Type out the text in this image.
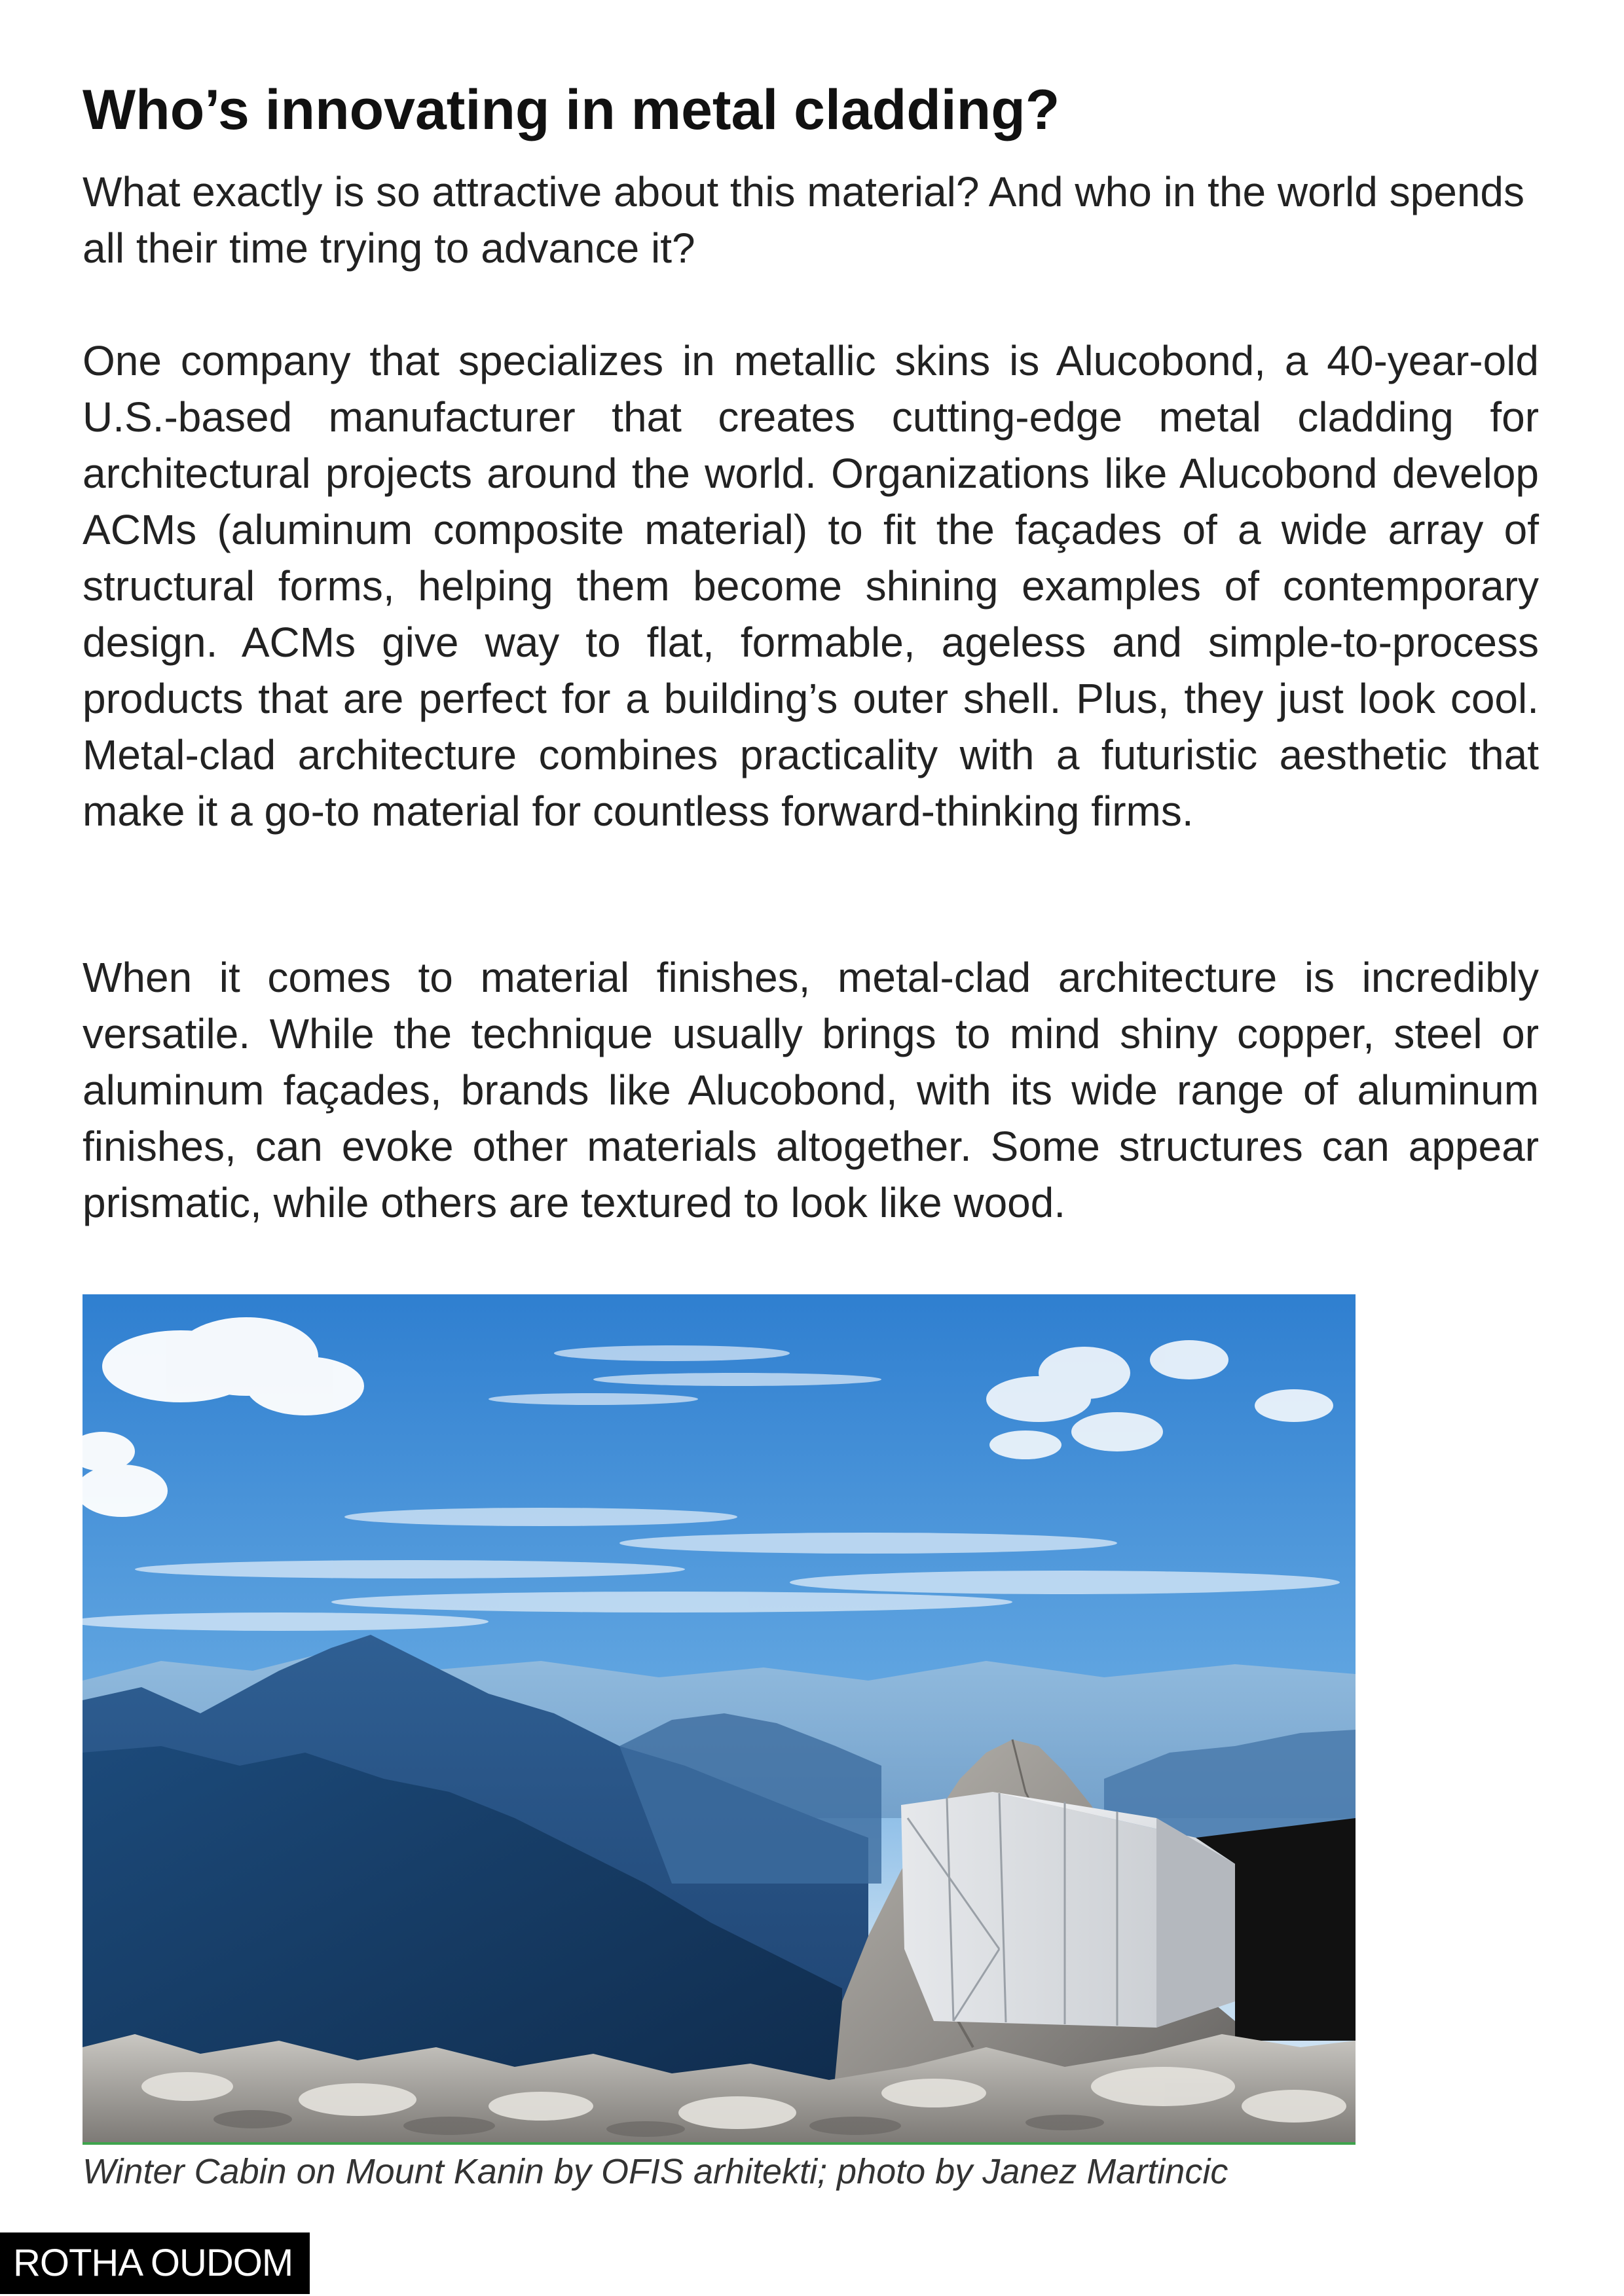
Who’s innovating in metal cladding?

What exactly is so attractive about this material? And who in the world spends all their time trying to advance it?

One company that specializes in metallic skins is Alucobond, a 40-year-old U.S.-based manufacturer that creates cutting-edge metal cladding for architectural projects around the world. Organizations like Alucobond develop ACMs (aluminum composite material) to fit the façades of a wide array of structural forms, helping them become shining examples of contemporary design. ACMs give way to flat, formable, ageless and simple-to-process products that are perfect for a building’s outer shell. Plus, they just look cool. Metal-clad architecture combines practicality with a futuristic aesthetic that make it a go-to material for countless forward-thinking firms.

When it comes to material finishes, metal-clad architecture is incredibly versatile. While the technique usually brings to mind shiny copper, steel or aluminum façades, brands like Alucobond, with its wide range of aluminum finishes, can evoke other materials altogether. Some structures can appear prismatic, while others are textured to look like wood.

Winter Cabin on Mount Kanin by OFIS arhitekti; photo by Janez Martincic

ROTHA OUDOM
